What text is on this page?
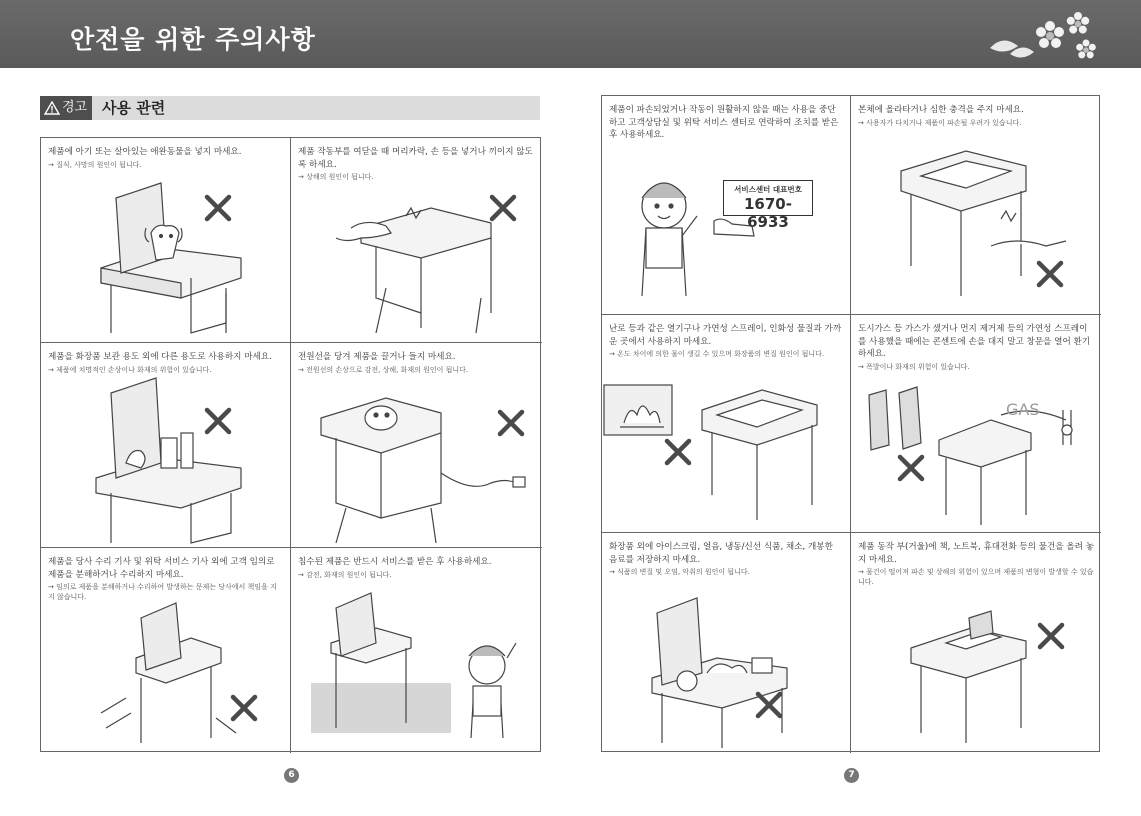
안전을 위한 주의사항
경고 사용 관련
제품에 아기 또는 살아있는 애완동물을 넣지 마세요.
→ 질식, 사망의 원인이 됩니다.
제품 작동부를 여닫을 때 머리카락, 손 등을 넣거나 끼이지 않도록 하세요.
→ 상해의 원인이 됩니다.
제품을 화장품 보관 용도 외에 다른 용도로 사용하지 마세요.
→ 제품에 치명적인 손상이나 화재의 위험이 있습니다.
전원선을 당겨 제품을 끌거나 들지 마세요.
→ 전원선의 손상으로 감전, 상해, 화재의 원인이 됩니다.
제품을 당사 수리 기사 및 위탁 서비스 기사 외에 고객 임의로 제품을 분해하거나 수리하지 마세요.
→ 임의로 제품을 분해하거나 수리하여 발생하는 문제는 당사에서 책임을 지지 않습니다.
침수된 제품은 반드시 서비스를 받은 후 사용하세요.
→ 감전, 화재의 원인이 됩니다.
제품이 파손되었거나 작동이 원활하지 않을 때는 사용을 중단하고 고객상담실 및 위탁 서비스 센터로 연락하여 조치를 받은 후 사용하세요.
서비스센터 대표번호
1670-6933
본체에 올라타거나 심한 충격을 주지 마세요.
→ 사용자가 다치거나 제품이 파손될 우려가 있습니다.
난로 등과 같은 열기구나 가연성 스프레이, 인화성 물질과 가까운 곳에서 사용하지 마세요.
→ 온도 차이에 의한 물이 생길 수 있으며 화장품의 변질 원인이 됩니다.
도시가스 등 가스가 샜거나 먼지 제거제 등의 가연성 스프레이를 사용했을 때에는 콘센트에 손을 대지 말고 창문을 열어 환기하세요.
→ 폭발이나 화재의 위험이 있습니다.
GAS
화장품 외에 아이스크림, 얼음, 냉동/신선 식품, 채소, 개봉한 음료를 저장하지 마세요.
→ 식품의 변질 및 오염, 악취의 원인이 됩니다.
제품 동작 부(거울)에 책, 노트북, 휴대전화 등의 물건을 올려 놓지 마세요.
→ 물건이 떨어져 파손 및 상해의 위험이 있으며 제품의 변형이 발생할 수 있습니다.
6	7
